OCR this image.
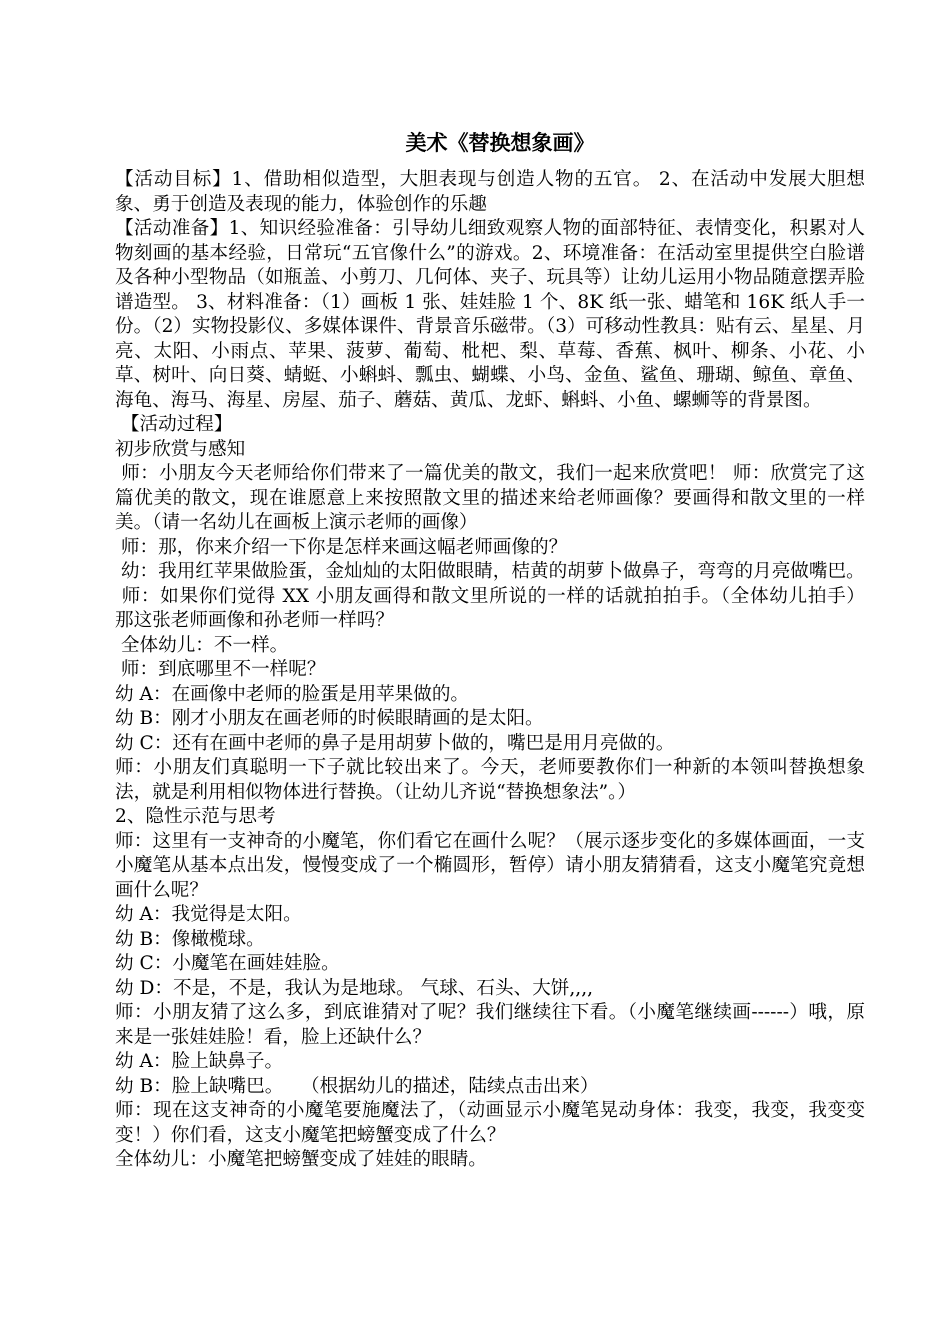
美术《替换想象画》

【活动目标】1、借助相似造型，大胆表现与创造人物的五官。 2、在活动中发展大胆想象、勇于创造及表现的能力，体验创作的乐趣

【活动准备】1、知识经验准备：引导幼儿细致观察人物的面部特征、表情变化，积累对人物刻画的基本经验，日常玩“五官像什么”的游戏。2、环境准备：在活动室里提供空白脸谱及各种小型物品（如瓶盖、小剪刀、几何体、夹子、玩具等）让幼儿运用小物品随意摆弄脸谱造型。 3、材料准备：（1）画板 1 张、娃娃脸 1 个、8K 纸一张、蜡笔和 16K 纸人手一份。（2）实物投影仪、多媒体课件、背景音乐磁带。（3）可移动性教具：贴有云、星星、月亮、太阳、小雨点、苹果、菠萝、葡萄、枇杷、梨、草莓、香蕉、枫叶、柳条、小花、小草、树叶、向日葵、蜻蜓、小蝌蚪、瓢虫、蝴蝶、小鸟、金鱼、鲨鱼、珊瑚、鲸鱼、章鱼、海龟、海马、海星、房屋、茄子、蘑菇、黄瓜、龙虾、蝌蚪、小鱼、螺蛳等的背景图。

【活动过程】

初步欣赏与感知

师：小朋友今天老师给你们带来了一篇优美的散文，我们一起来欣赏吧！ 师：欣赏完了这篇优美的散文，现在谁愿意上来按照散文里的描述来给老师画像？要画得和散文里的一样美。（请一名幼儿在画板上演示老师的画像）

师：那，你来介绍一下你是怎样来画这幅老师画像的？

幼：我用红苹果做脸蛋，金灿灿的太阳做眼睛，桔黄的胡萝卜做鼻子，弯弯的月亮做嘴巴。

师：如果你们觉得 XX 小朋友画得和散文里所说的一样的话就拍拍手。（全体幼儿拍手）  那这张老师画像和孙老师一样吗？

全体幼儿：不一样。

师：到底哪里不一样呢？

幼 A：在画像中老师的脸蛋是用苹果做的。

幼 B：刚才小朋友在画老师的时候眼睛画的是太阳。

幼 C：还有在画中老师的鼻子是用胡萝卜做的，嘴巴是用月亮做的。

师：小朋友们真聪明一下子就比较出来了。今天，老师要教你们一种新的本领叫替换想象法，就是利用相似物体进行替换。（让幼儿齐说“替换想象法”。）

2、隐性示范与思考

师：这里有一支神奇的小魔笔，你们看它在画什么呢？（展示逐步变化的多媒体画面，一支小魔笔从基本点出发，慢慢变成了一个椭圆形，暂停）请小朋友猜猜看，这支小魔笔究竟想画什么呢？

幼 A：我觉得是太阳。

幼 B：像橄榄球。

幼 C：小魔笔在画娃娃脸。

幼 D：不是，不是，我认为是地球。 气球、石头、大饼,,,,

师：小朋友猜了这么多，到底谁猜对了呢？我们继续往下看。（小魔笔继续画------）哦，原来是一张娃娃脸！看，脸上还缺什么？

幼 A：脸上缺鼻子。

幼 B：脸上缺嘴巴。   （根据幼儿的描述，陆续点击出来）

师：现在这支神奇的小魔笔要施魔法了，（动画显示小魔笔晃动身体：我变，我变，我变变变！）你们看，这支小魔笔把螃蟹变成了什么？

全体幼儿：小魔笔把螃蟹变成了娃娃的眼睛。
